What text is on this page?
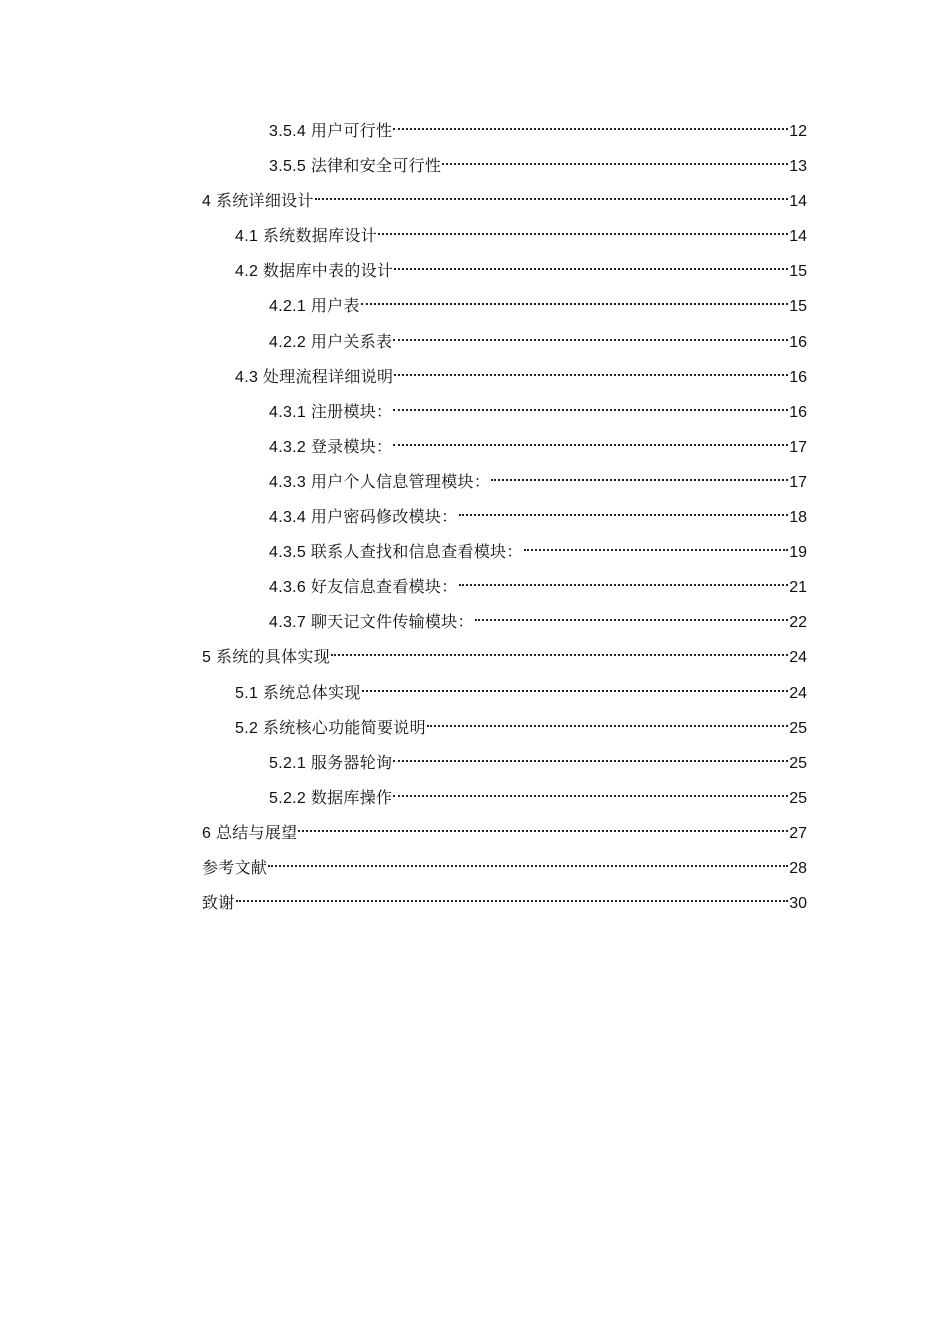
3.5.4 用户可行性	12
3.5.5 法律和安全可行性	13
4 系统详细设计	14
4.1 系统数据库设计	14
4.2 数据库中表的设计	15
4.2.1 用户表	15
4.2.2 用户关系表	16
4.3 处理流程详细说明	16
4.3.1 注册模块：	16
4.3.2 登录模块：	17
4.3.3 用户个人信息管理模块：	17
4.3.4 用户密码修改模块：	18
4.3.5 联系人查找和信息查看模块：	19
4.3.6 好友信息查看模块：	21
4.3.7 聊天记文件传输模块：	22
5 系统的具体实现	24
5.1 系统总体实现	24
5.2 系统核心功能简要说明	25
5.2.1 服务器轮询	25
5.2.2 数据库操作	25
6 总结与展望	27
参考文献	28
致谢	30
